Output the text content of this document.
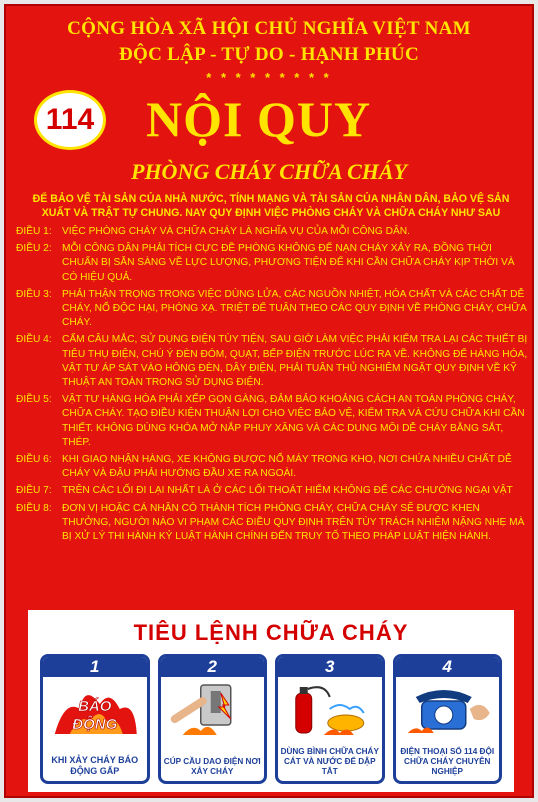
CỘNG HÒA XÃ HỘI CHỦ NGHĨA VIỆT NAM
ĐỘC LẬP - TỰ DO - HẠNH PHÚC
* * * * * * * * *
114 NỘI QUY
PHÒNG CHÁY CHỮA CHÁY
ĐỂ BẢO VỆ TÀI SẢN CỦA NHÀ NƯỚC, TÍNH MẠNG VÀ TÀI SẢN CỦA NHÂN DÂN, BẢO VỆ SẢN XUẤT VÀ TRẬT TỰ CHUNG. NAY QUY ĐỊNH VIỆC PHÒNG CHÁY VÀ CHỮA CHÁY NHƯ SAU
ĐIỀU 1:	VIỆC PHÒNG CHÁY VÀ CHỮA CHÁY LÀ NGHĨA VỤ CỦA MỖI CÔNG DÂN.
ĐIỀU 2:	MỖI CÔNG DÂN PHẢI TÍCH CỰC ĐỀ PHÒNG KHÔNG ĐỂ NẠN CHÁY XẢY RA, ĐỒNG THỜI CHUẨN BỊ SẴN SÀNG VỀ LỰC LƯỢNG, PHƯƠNG TIỆN ĐỂ KHI CẦN CHỮA CHÁY KỊP THỜI VÀ CÓ HIỆU QUẢ.
ĐIỀU 3:	PHẢI THẬN TRỌNG TRONG VIỆC DÙNG LỬA, CÁC NGUỒN NHIỆT, HÓA CHẤT VÀ CÁC CHẤT DỄ CHÁY, NỔ ĐỘC HẠI, PHÓNG XẠ. TRIỆT ĐỂ TUÂN THEO CÁC QUY ĐỊNH VỀ PHÒNG CHÁY, CHỮA CHÁY.
ĐIỀU 4:	CẤM CÂU MẮC, SỬ DỤNG ĐIỆN TÙY TIỆN, SAU GIỜ LÀM VIỆC PHẢI KIỂM TRA LẠI CÁC THIẾT BỊ TIÊU THỤ ĐIỆN, CHÚ Ý ĐÈN ĐÓM, QUẠT, BẾP ĐIỆN TRƯỚC LÚC RA VỀ. KHÔNG ĐỂ HÀNG HÓA, VẬT TƯ ÁP SÁT VÀO HÔNG ĐÈN, DÂY ĐIỆN, PHẢI TUÂN THỦ NGHIÊM NGẶT QUY ĐỊNH VỀ KỸ THUẬT AN TOÀN TRONG SỬ DỤNG ĐIỆN.
ĐIỀU 5:	VẬT TƯ HÀNG HÓA PHẢI XẾP GỌN GÀNG, ĐẢM BẢO KHOẢNG CÁCH AN TOÀN PHÒNG CHÁY, CHỮA CHÁY. TẠO ĐIỀU KIỆN THUẬN LỢI CHO VIỆC BẢO VỆ, KIỂM TRA VÀ CỨU CHỮA KHI CẦN THIẾT. KHÔNG DÙNG KHÓA MỞ NẮP PHUY XĂNG VÀ CÁC DUNG MÔI DỄ CHÁY BẰNG SẮT, THÉP.
ĐIỀU 6:	KHI GIAO NHẬN HÀNG, XE KHÔNG ĐƯỢC NỔ MÁY TRONG KHO, NƠI CHỨA NHIỀU CHẤT DỄ CHÁY VÀ ĐẬU PHẢI HƯỚNG ĐẦU XE RA NGOÀI.
ĐIỀU 7:	TRÊN CÁC LỐI ĐI LẠI NHẤT LÀ Ở CÁC LỐI THOÁT HIỂM KHÔNG ĐỂ CÁC CHƯỚNG NGẠI VẬT
ĐIỀU 8:	ĐƠN VỊ HOẶC CÁ NHÂN CÓ THÀNH TÍCH PHÒNG CHÁY, CHỮA CHÁY SẼ ĐƯỢC KHEN THƯỞNG, NGƯỜI NÀO VI PHẠM CÁC ĐIỀU QUY ĐỊNH TRÊN TÙY TRÁCH NHIỆM NẶNG NHẸ MÀ BỊ XỬ LÝ THI HÀNH KỶ LUẬT HÀNH CHÍNH ĐẾN TRUY TỐ THEO PHÁP LUẬT HIỆN HÀNH.
TIÊU LỆNH CHỮA CHÁY
1
BÁO
ĐỘNG
KHI XẢY CHÁY BÁO ĐỘNG GẤP
2
CÚP CẦU DAO ĐIỆN NƠI XẢY CHÁY
3
DÙNG BÌNH CHỮA CHÁY CÁT VÀ NƯỚC ĐỂ DẬP TẮT
4
ĐIỆN THOẠI SỐ 114 ĐỘI CHỮA CHÁY CHUYÊN NGHIỆP
